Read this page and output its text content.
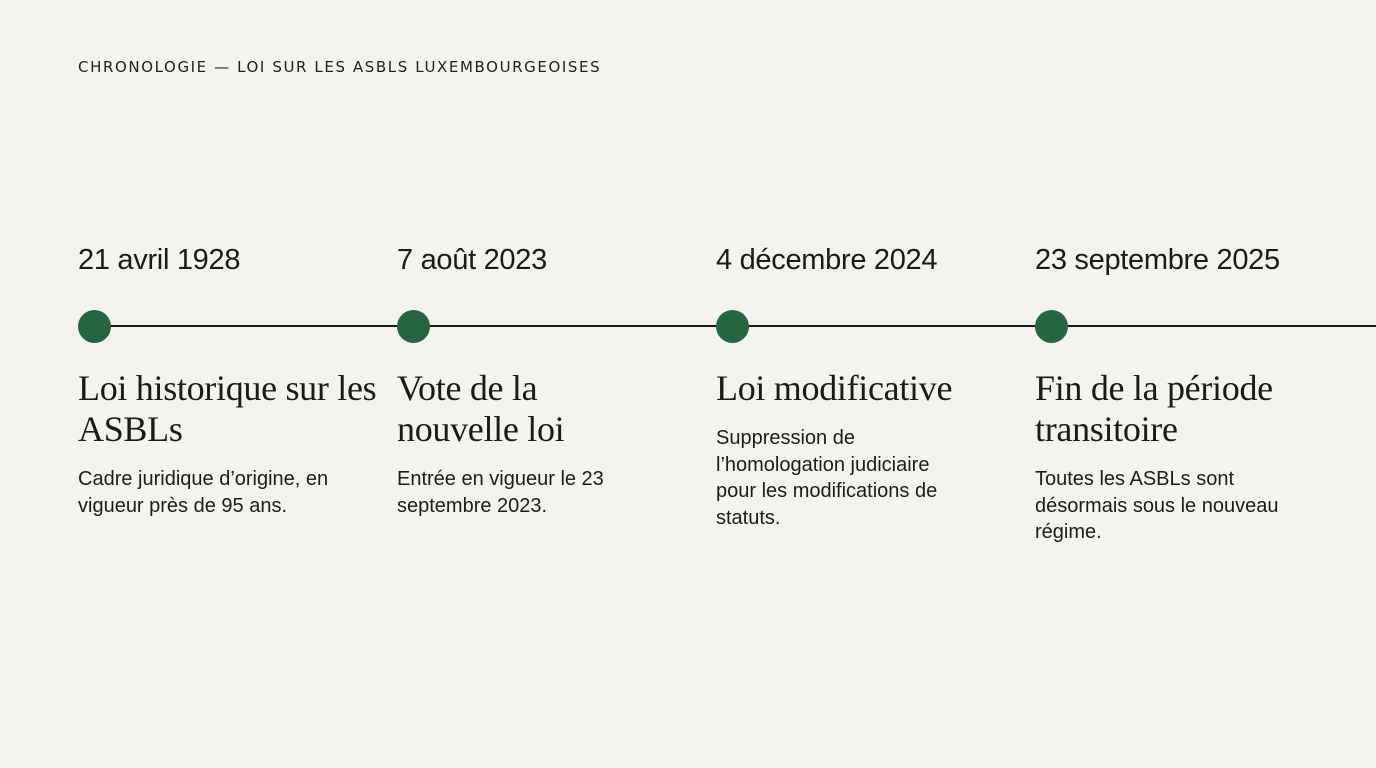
CHRONOLOGIE — LOI SUR LES ASBLS LUXEMBOURGEOISES
21 avril 1928
Loi historique sur les ASBLs
Cadre juridique d’origine, en vigueur près de 95 ans.
7 août 2023
Vote de la nouvelle loi
Entrée en vigueur le 23 septembre 2023.
4 décembre 2024
Loi modificative
Suppression de l’homologation judiciaire pour les modifications de statuts.
23 septembre 2025
Fin de la période transitoire
Toutes les ASBLs sont désormais sous le nouveau régime.
